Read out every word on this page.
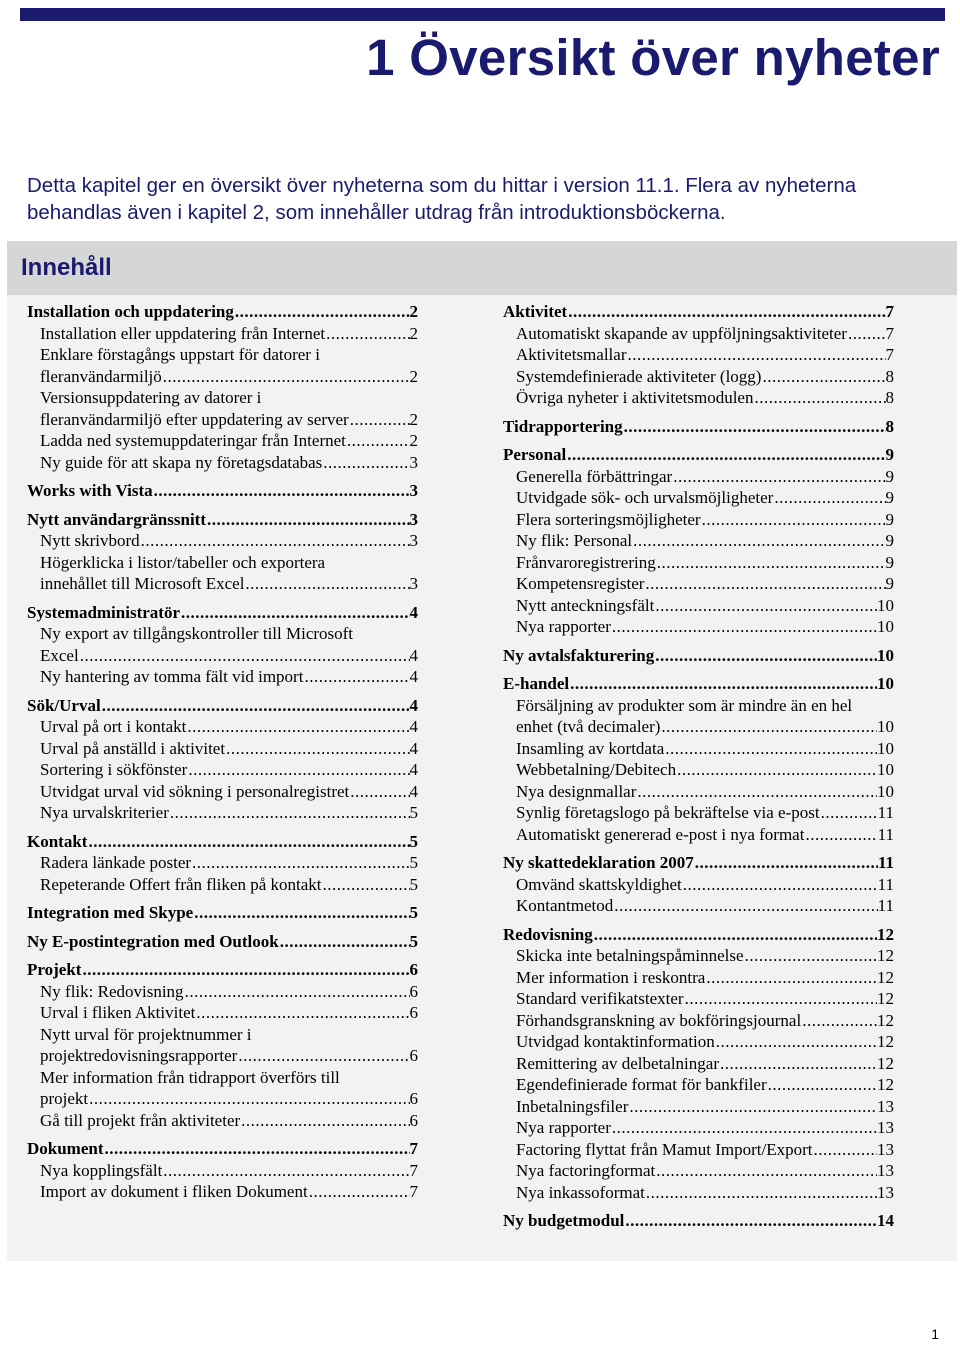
1 Översikt över nyheter

Detta kapitel ger en översikt över nyheterna som du hittar i version 11.1. Flera av nyheterna behandlas även i kapitel 2, som innehåller utdrag från introduktionsböckerna.

Innehåll
Installation och uppdatering .....	2
Installation eller uppdatering från Internet .....	2
Enklare förstagångs uppstart för datorer i
fleranvändarmiljö .....	2
Versionsuppdatering av datorer i
fleranvändarmiljö efter uppdatering av server .....	2
Ladda ned systemuppdateringar från Internet .....	2
Ny guide för att skapa ny företagsdatabas .....	3
Works with Vista .....	3
Nytt användargränssnitt .....	3
Nytt skrivbord .....	3
Högerklicka i listor/tabeller och exportera
innehållet till Microsoft Excel .....	3
Systemadministratör .....	4
Ny export av tillgångskontroller till Microsoft
Excel .....	4
Ny hantering av tomma fält vid import .....	4
Sök/Urval .....	4
Urval på ort i kontakt .....	4
Urval på anställd i aktivitet .....	4
Sortering i sökfönster .....	4
Utvidgat urval vid sökning i personalregistret .....	4
Nya urvalskriterier .....	5
Kontakt .....	5
Radera länkade poster .....	5
Repeterande Offert från fliken på kontakt .....	5
Integration med Skype .....	5
Ny E-postintegration med Outlook .....	5
Projekt .....	6
Ny flik: Redovisning .....	6
Urval i fliken Aktivitet .....	6
Nytt urval för projektnummer i
projektredovisningsrapporter .....	6
Mer information från tidrapport överförs till
projekt .....	6
Gå till projekt från aktiviteter .....	6
Dokument .....	7
Nya kopplingsfält .....	7
Import av dokument i fliken Dokument .....	7
Aktivitet .....	7
Automatiskt skapande av uppföljningsaktiviteter ..... 7
Aktivitetsmallar .....	7
Systemdefinierade aktiviteter (logg) .....	8
Övriga nyheter i aktivitetsmodulen .....	8
Tidrapportering .....	8
Personal .....	9
Generella förbättringar .....	9
Utvidgade sök- och urvalsmöjligheter .....	9
Flera sorteringsmöjligheter .....	9
Ny flik: Personal .....	9
Frånvaroregistrering .....	9
Kompetensregister .....	9
Nytt anteckningsfält .....	10
Nya rapporter .....	10
Ny avtalsfakturering .....	10
E-handel .....	10
Försäljning av produkter som är mindre än en hel
enhet (två decimaler) .....	10
Insamling av kortdata .....	10
Webbetalning/Debitech .....	10
Nya designmallar .....	10
Synlig företagslogo på bekräftelse via e-post .....	11
Automatiskt genererad e-post i nya format .....	11
Ny skattedeklaration 2007 .....	11
Omvänd skattskyldighet .....	11
Kontantmetod .....	11
Redovisning .....	12
Skicka inte betalningspåminnelse .....	12
Mer information i reskontra .....	12
Standard verifikatstexter .....	12
Förhandsgranskning av bokföringsjournal .....	12
Utvidgad kontaktinformation .....	12
Remittering av delbetalningar .....	12
Egendefinierade format för bankfiler .....	12
Inbetalningsfiler .....	13
Nya rapporter .....	13
Factoring flyttat från Mamut Import/Export .....	13
Nya factoringformat .....	13
Nya inkassoformat .....	13
Ny budgetmodul .....	14
1
